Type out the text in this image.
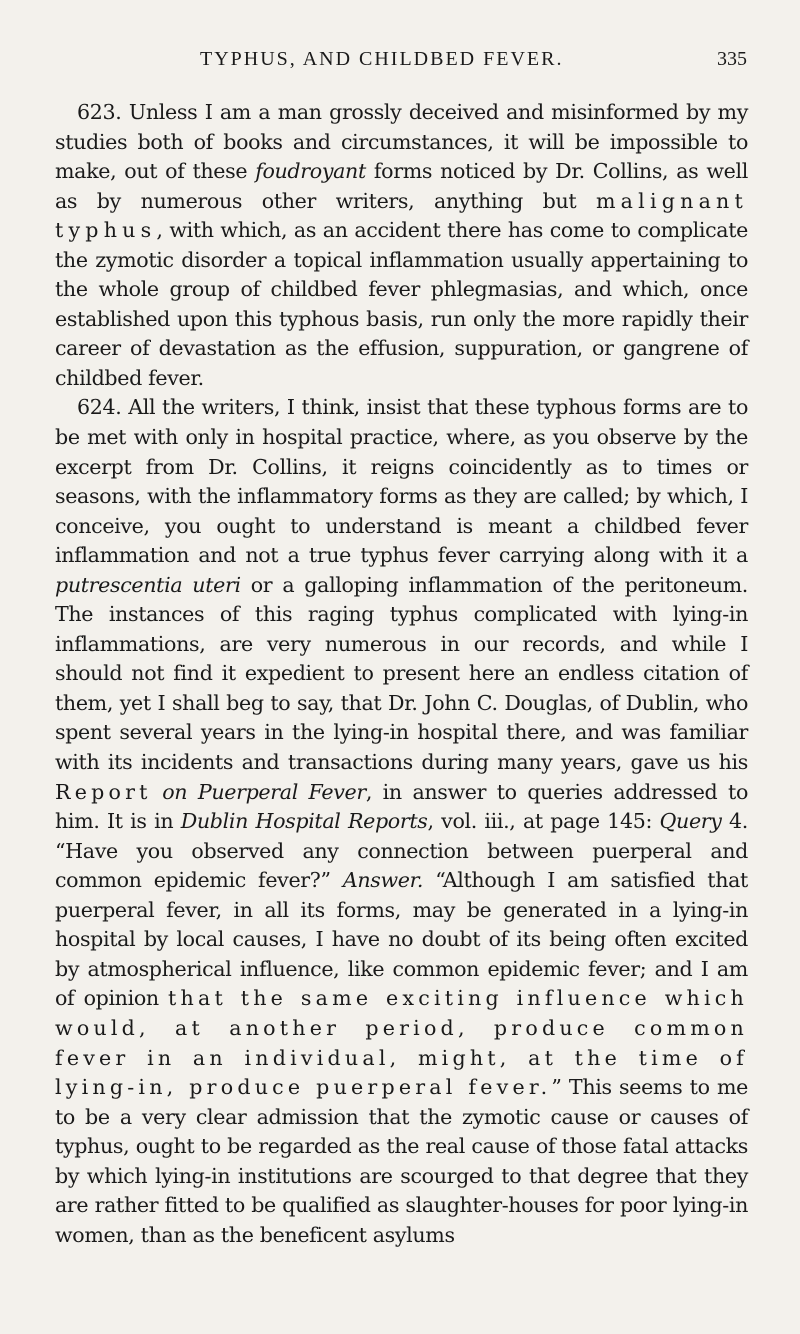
TYPHUS, AND CHILDBED FEVER.	335

623. Unless I am a man grossly deceived and misinformed by my studies both of books and circumstances, it will be impossible to make, out of these foudroyant forms noticed by Dr. Collins, as well as by numerous other writers, anything but malignant typhus, with which, as an accident there has come to complicate the zymotic disorder a topical inflammation usually appertaining to the whole group of childbed fever phlegmasias, and which, once established upon this typhous basis, run only the more rapidly their career of devastation as the effusion, suppuration, or gangrene of childbed fever.

624. All the writers, I think, insist that these typhous forms are to be met with only in hospital practice, where, as you observe by the excerpt from Dr. Collins, it reigns coincidently as to times or seasons, with the inflammatory forms as they are called; by which, I conceive, you ought to understand is meant a childbed fever inflammation and not a true typhus fever carrying along with it a putrescentia uteri or a galloping inflammation of the peritoneum. The instances of this raging typhus complicated with lying-in inflammations, are very numerous in our records, and while I should not find it expedient to present here an endless citation of them, yet I shall beg to say, that Dr. John C. Douglas, of Dublin, who spent several years in the lying-in hospital there, and was familiar with its incidents and transactions during many years, gave us his Report on Puerperal Fever, in answer to queries addressed to him. It is in Dublin Hospital Reports, vol. iii., at page 145: Query 4. “Have you observed any connection between puerperal and common epidemic fever?” Answer. “Although I am satisfied that puerperal fever, in all its forms, may be generated in a lying-in hospital by local causes, I have no doubt of its being often excited by atmospherical influence, like common epidemic fever; and I am of opinion that the same exciting influence which would, at another period, produce common fever in an individual, might, at the time of lying-in, produce puerperal fever.” This seems to me to be a very clear admission that the zymotic cause or causes of typhus, ought to be regarded as the real cause of those fatal attacks by which lying-in institutions are scourged to that degree that they are rather fitted to be qualified as slaughter-houses for poor lying-in women, than as the beneficent asylums
